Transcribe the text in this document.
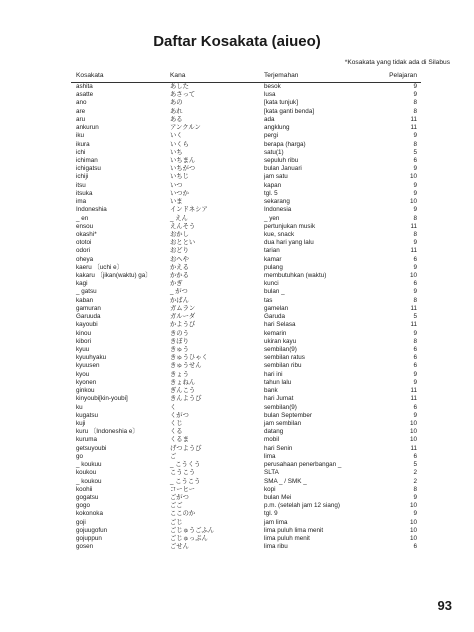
Daftar Kosakata (aiueo)
*Kosakata yang tidak ada di Silabus
Kosakata	Kana	Terjemahan	Pelajaran
ashita	あした	besok	9
asatte	あさって	lusa	9
ano	あの	[kata tunjuk]	8
are	あれ	[kata ganti benda]	8
aru	ある	ada	11
ankurun	アンクルン	angklung	11
iku	いく	pergi	9
ikura	いくら	berapa (harga)	8
ichi	いち	satu(1)	5
ichiman	いちまん	sepuluh ribu	6
ichigatsu	いちがつ	bulan Januari	9
ichiji	いちじ	jam satu	10
itsu	いつ	kapan	9
itsuka	いつか	tgl. 5	9
ima	いま	sekarang	10
Indoneshia	インドネシア	Indonesia	9
_ en	_ えん	_ yen	8
ensou	えんそう	pertunjukan musik	11
okashi*	おかし	kue, snack	8
ototoi	おととい	dua hari yang lalu	9
odori	おどり	tarian	11
oheya	おへや	kamar	6
kaeru 〔uchi e〕	かえる	pulang	9
kakaru 〔jikan(waktu) ga〕	かかる	membutuhkan (waktu)	10
kagi	かぎ	kunci	6
_ gatsu	_ がつ	bulan _	9
kaban	かばん	tas	8
gamuran	ガムラン	gamelan	11
Garuuda	ガルーダ	Garuda	5
kayoubi	かようび	hari Selasa	11
kinou	きのう	kemarin	9
kibori	きぼり	ukiran kayu	8
kyuu	きゅう	sembilan(9)	6
kyuuhyaku	きゅうひゃく	sembilan ratus	6
kyuusen	きゅうせん	sembilan ribu	6
kyou	きょう	hari ini	9
kyonen	きょねん	tahun lalu	9
ginkou	ぎんこう	bank	11
kinyoubi[kin-youbi]	きんようび	hari Jumat	11
ku	く	sembilan(9)	6
kugatsu	くがつ	bulan September	9
kuji	くじ	jam sembilan	10
kuru 〔Indoneshia e〕	くる	datang	10
kuruma	くるま	mobil	10
getsuyoubi	げつようび	hari Senin	11
go	ご	lima	6
_ koukuu	_ こうくう	perusahaan penerbangan _	5
koukou	こうこう	SLTA	2
_ koukou	_ こうこう	SMA _ / SMK _	2
koohii	コーヒー	kopi	8
gogatsu	ごがつ	bulan Mei	9
gogo	ごご	p.m. (setelah jam 12 siang)	10
kokonoka	ここのか	tgl. 9	9
goji	ごじ	jam lima	10
gojuugofun	ごじゅうごふん	lima puluh lima menit	10
gojuppun	ごじゅっぷん	lima puluh menit	10
gosen	ごせん	lima ribu	6
93
